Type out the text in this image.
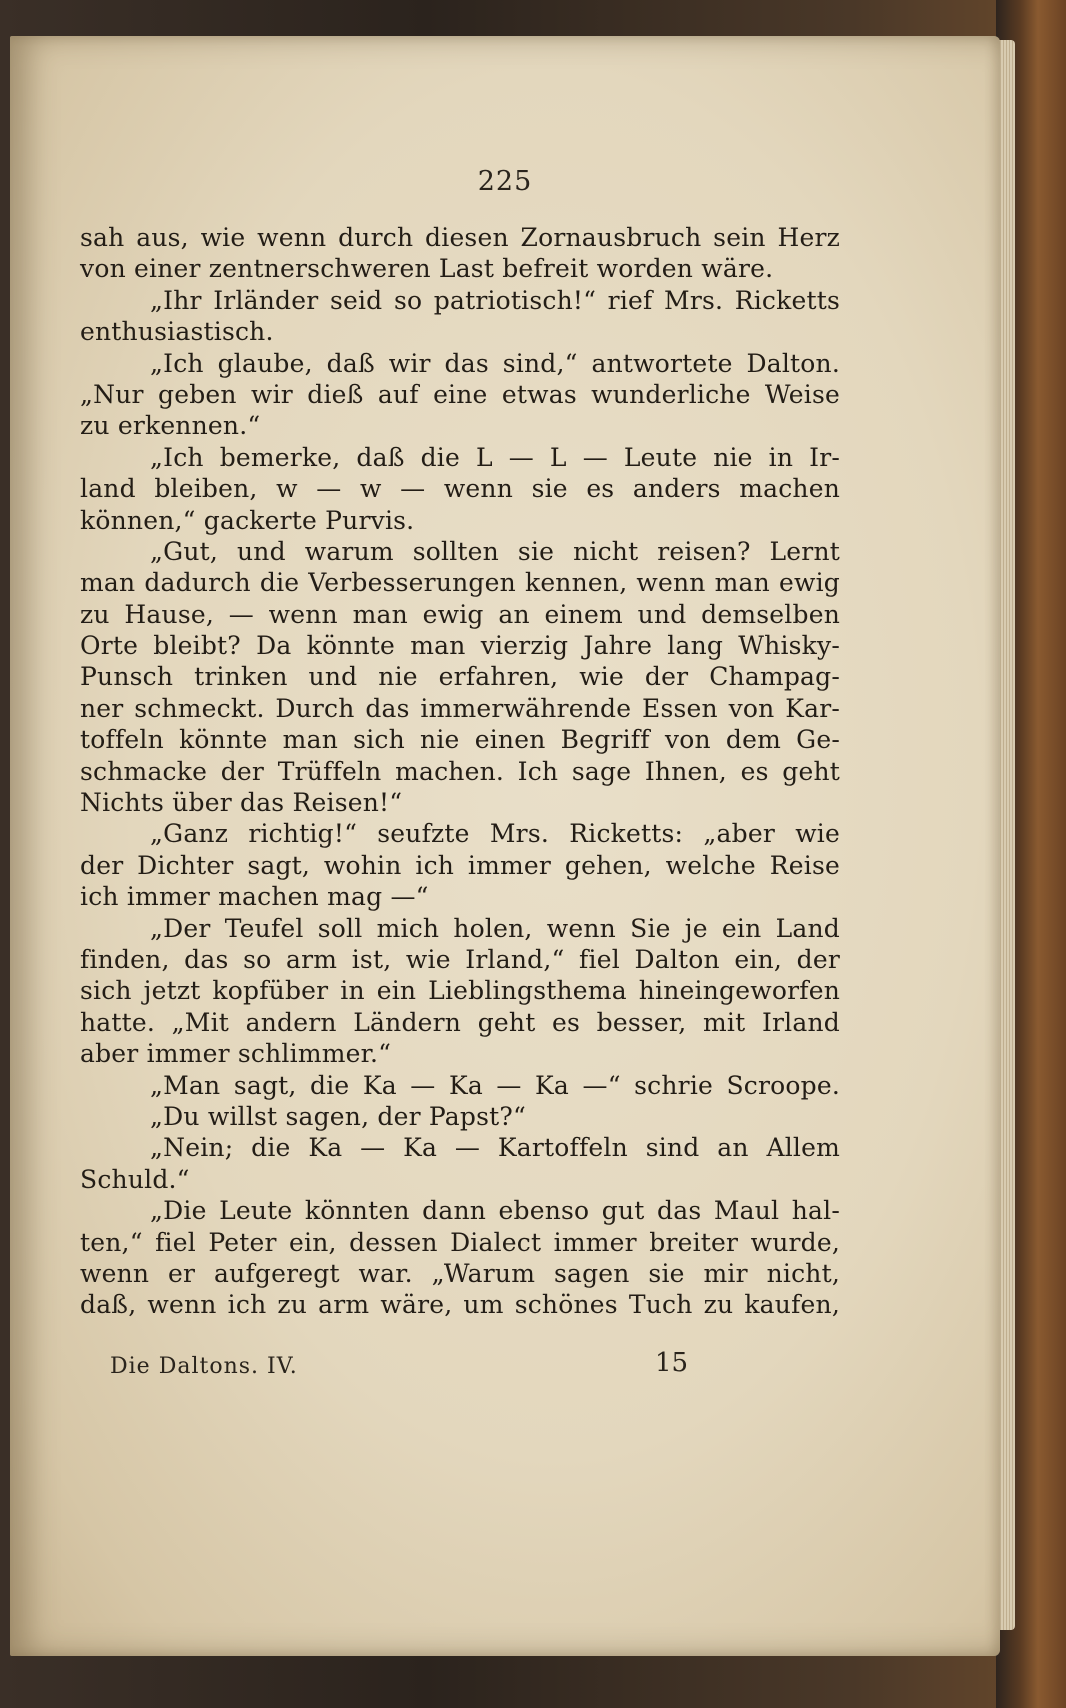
225
sah aus, wie wenn durch diesen Zornausbruch sein Herz
von einer zentnerschweren Last befreit worden wäre.
„Ihr Irländer seid so patriotisch!“ rief Mrs. Ricketts
enthusiastisch.
„Ich glaube, daß wir das sind,“ antwortete Dalton.
„Nur geben wir dieß auf eine etwas wunderliche Weise
zu erkennen.“
„Ich bemerke, daß die L — L — Leute nie in Ir-
land bleiben, w — w — wenn sie es anders machen
können,“ gackerte Purvis.
„Gut, und warum sollten sie nicht reisen? Lernt
man dadurch die Verbesserungen kennen, wenn man ewig
zu Hause, — wenn man ewig an einem und demselben
Orte bleibt? Da könnte man vierzig Jahre lang Whisky-
Punsch trinken und nie erfahren, wie der Champag-
ner schmeckt. Durch das immerwährende Essen von Kar-
toffeln könnte man sich nie einen Begriff von dem Ge-
schmacke der Trüffeln machen. Ich sage Ihnen, es geht
Nichts über das Reisen!“
„Ganz richtig!“ seufzte Mrs. Ricketts: „aber wie
der Dichter sagt, wohin ich immer gehen, welche Reise
ich immer machen mag —“
„Der Teufel soll mich holen, wenn Sie je ein Land
finden, das so arm ist, wie Irland,“ fiel Dalton ein, der
sich jetzt kopfüber in ein Lieblingsthema hineingeworfen
hatte. „Mit andern Ländern geht es besser, mit Irland
aber immer schlimmer.“
„Man sagt, die Ka — Ka — Ka —“ schrie Scroope.
„Du willst sagen, der Papst?“
„Nein; die Ka — Ka — Kartoffeln sind an Allem
Schuld.“
„Die Leute könnten dann ebenso gut das Maul hal-
ten,“ fiel Peter ein, dessen Dialect immer breiter wurde,
wenn er aufgeregt war. „Warum sagen sie mir nicht,
daß, wenn ich zu arm wäre, um schönes Tuch zu kaufen,
Die Daltons. IV.	15
